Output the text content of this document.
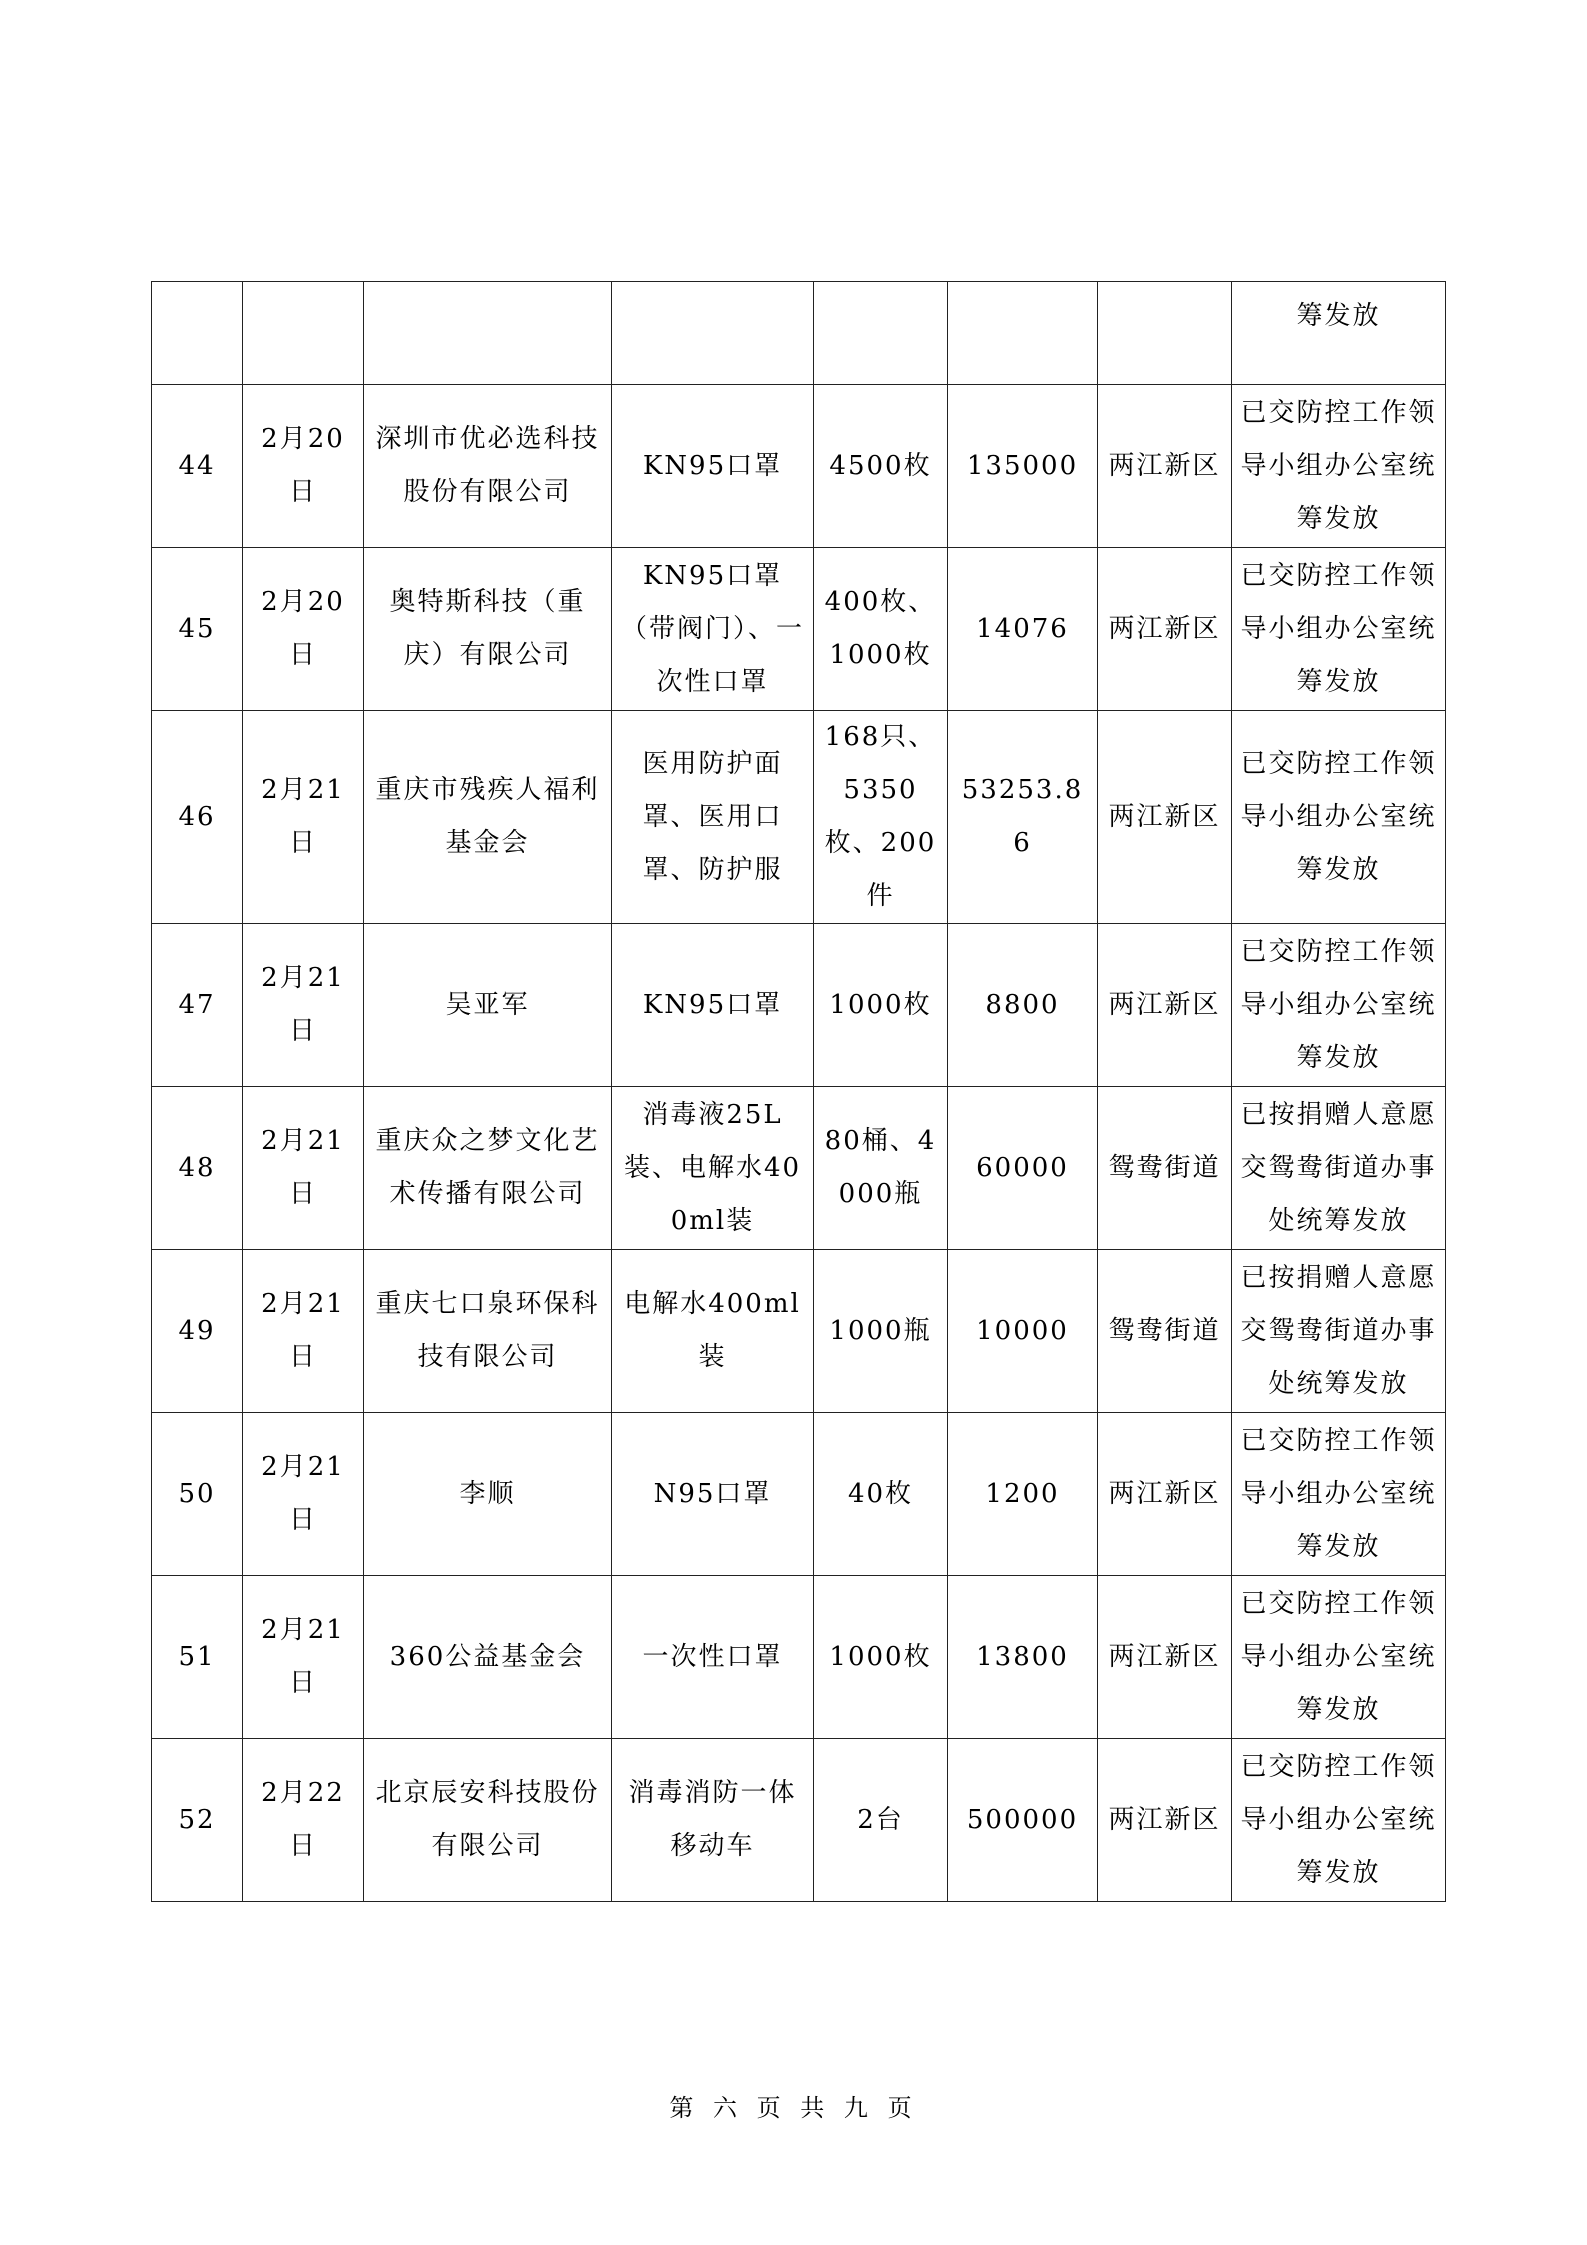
							筹发放
44	2月20日	深圳市优必选科技股份有限公司	KN95口罩	4500枚	135000	两江新区	已交防控工作领导小组办公室统筹发放
45	2月20日	奥特斯科技（重庆）有限公司	KN95口罩（带阀门）、一次性口罩	400枚、1000枚	14076	两江新区	已交防控工作领导小组办公室统筹发放
46	2月21日	重庆市残疾人福利基金会	医用防护面罩、医用口罩、防护服	168只、5350枚、200件	53253.86	两江新区	已交防控工作领导小组办公室统筹发放
47	2月21日	吴亚军	KN95口罩	1000枚	8800	两江新区	已交防控工作领导小组办公室统筹发放
48	2月21日	重庆众之梦文化艺术传播有限公司	消毒液25L装、电解水400ml装	80桶、4000瓶	60000	鸳鸯街道	已按捐赠人意愿交鸳鸯街道办事处统筹发放
49	2月21日	重庆七口泉环保科技有限公司	电解水400ml装	1000瓶	10000	鸳鸯街道	已按捐赠人意愿交鸳鸯街道办事处统筹发放
50	2月21日	李顺	N95口罩	40枚	1200	两江新区	已交防控工作领导小组办公室统筹发放
51	2月21日	360公益基金会	一次性口罩	1000枚	13800	两江新区	已交防控工作领导小组办公室统筹发放
52	2月22日	北京辰安科技股份有限公司	消毒消防一体移动车	2台	500000	两江新区	已交防控工作领导小组办公室统筹发放
第 六 页 共 九 页
